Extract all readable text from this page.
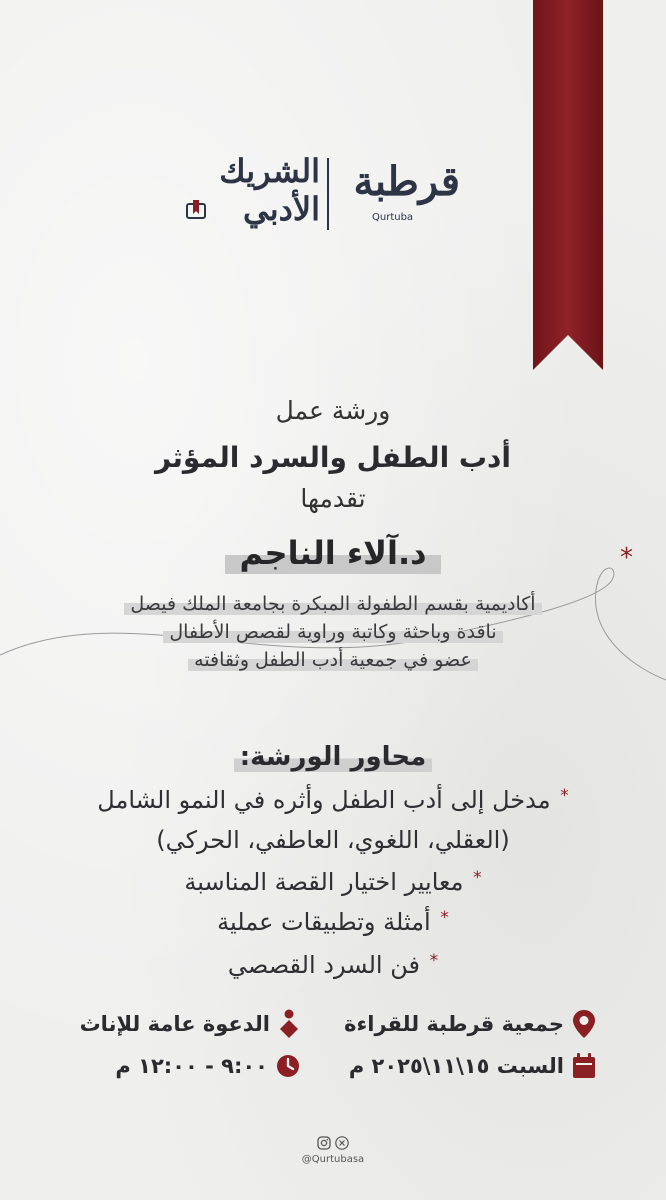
*
قرطبة
Qurtuba
الشريك
الأدبي
ورشة عمل
أدب الطفل والسرد المؤثر
تقدمها
د.آلاء الناجم
أكاديمية بقسم الطفولة المبكرة بجامعة الملك فيصل
ناقدة وباحثة وكاتبة وراوية لقصص الأطفال
عضو في جمعية أدب الطفل وثقافته
محاور الورشة:
* مدخل إلى أدب الطفل وأثره في النمو الشامل
(العقلي، اللغوي، العاطفي، الحركي)
* معايير اختيار القصة المناسبة
* أمثلة وتطبيقات عملية
* فن السرد القصصي
جمعية قرطبة للقراءة
الدعوة عامة للإناث
السبت ١٥\١١\٢٠٢٥ م
٩:٠٠ - ١٢:٠٠ م
@Qurtubasa
